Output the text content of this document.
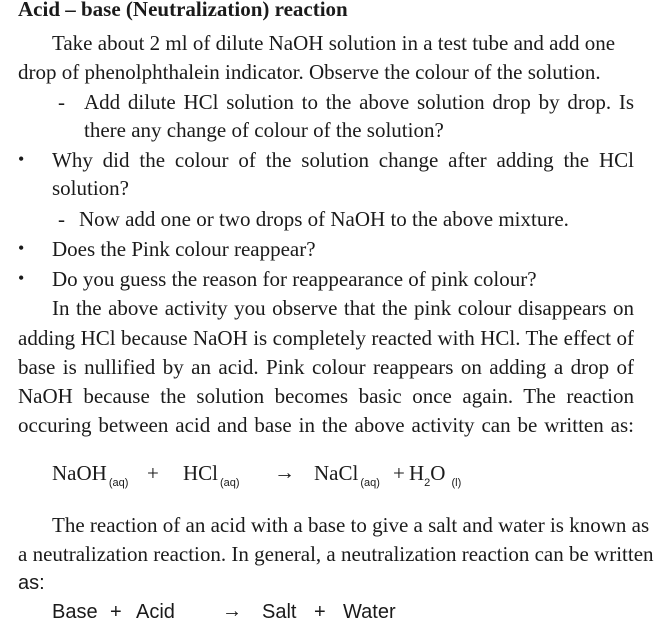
Acid – base (Neutralization) reaction
Take about 2 ml of dilute NaOH solution in a test tube and add one
drop of phenolphthalein indicator. Observe the colour of the solution.
- Add dilute HCl solution to the above solution drop by drop. Is
there any change of colour of the solution?
• Why did the colour of the solution change after adding the HCl
solution?
- Now add one or two drops of NaOH to the above mixture.
• Does the Pink colour reappear?
• Do you guess the reason for reappearance of pink colour?
In the above activity you observe that the pink colour disappears on
adding HCl because NaOH is completely reacted with HCl. The effect of
base is nullified by an acid. Pink colour reappears on adding a drop of
NaOH because the solution becomes basic once again. The reaction
occuring between acid and base in the above activity can be written as:
NaOH $_{(aq)}$ + HCl $_{(aq)}$ → NaCl $_{(aq)} + H_2O$ $_{(l)}$
The reaction of an acid with a base to give a salt and water is known as
a neutralization reaction. In general, a neutralization reaction can be written
as:
Base + Acid → Salt + Water
